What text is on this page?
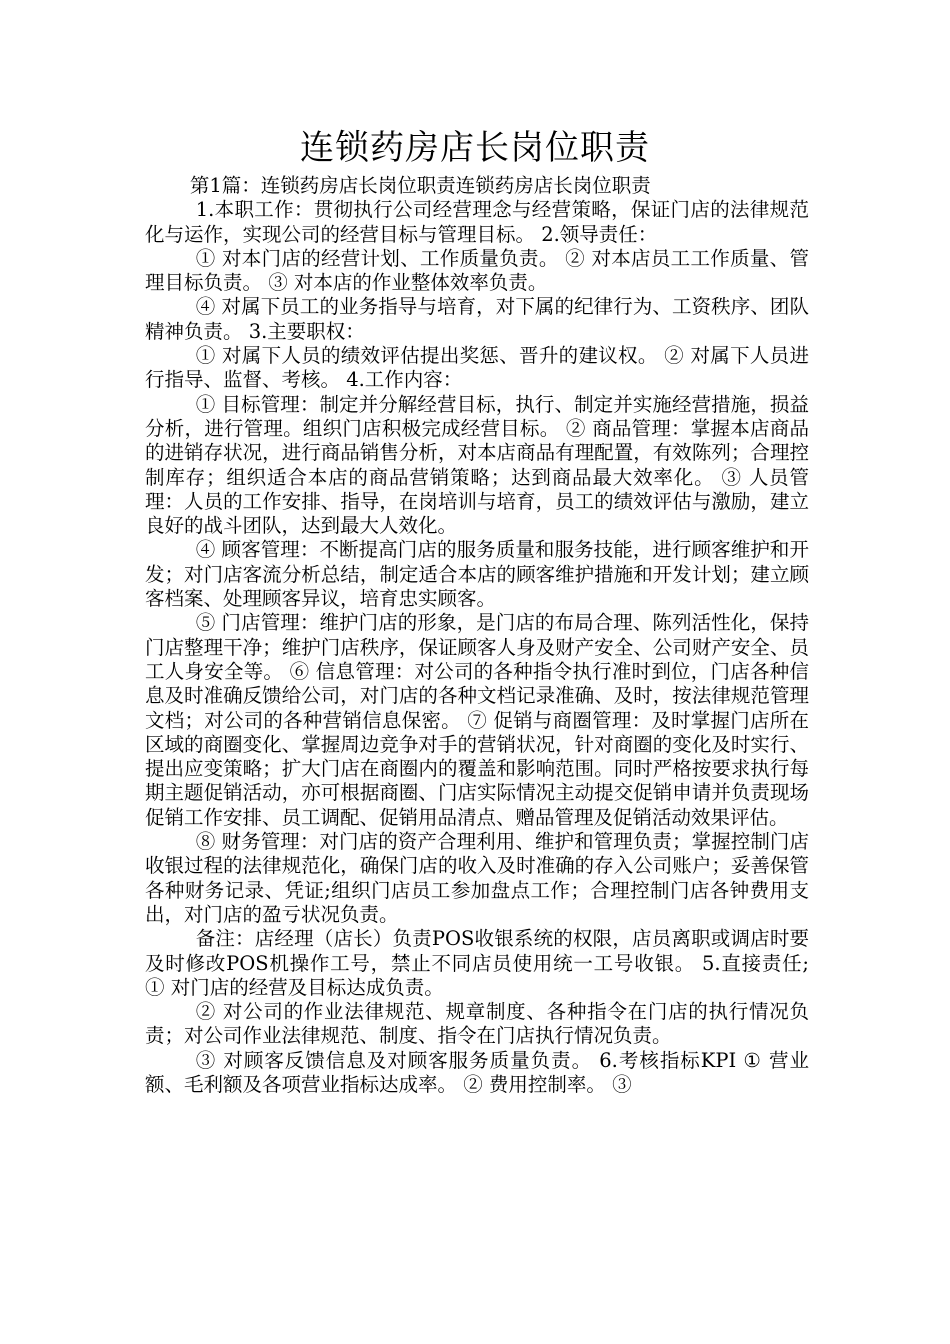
连锁药房店长岗位职责

第1篇：连锁药房店长岗位职责连锁药房店长岗位职责

1.本职工作：贯彻执行公司经营理念与经营策略，保证门店的法律规范化与运作，实现公司的经营目标与管理目标。 2.领导责任：

① 对本门店的经营计划、工作质量负责。 ② 对本店员工工作质量、管理目标负责。 ③ 对本店的作业整体效率负责。

④ 对属下员工的业务指导与培育，对下属的纪律行为、工资秩序、团队精神负责。 3.主要职权：

① 对属下人员的绩效评估提出奖惩、晋升的建议权。 ② 对属下人员进行指导、监督、考核。 4.工作内容：

① 目标管理：制定并分解经营目标，执行、制定并实施经营措施，损益分析，进行管理。组织门店积极完成经营目标。 ② 商品管理：掌握本店商品的进销存状况，进行商品销售分析，对本店商品有理配置，有效陈列；合理控制库存；组织适合本店的商品营销策略；达到商品最大效率化。 ③ 人员管理：人员的工作安排、指导，在岗培训与培育，员工的绩效评估与激励，建立良好的战斗团队，达到最大人效化。

④ 顾客管理：不断提高门店的服务质量和服务技能，进行顾客维护和开发；对门店客流分析总结，制定适合本店的顾客维护措施和开发计划；建立顾客档案、处理顾客异议，培育忠实顾客。

⑤ 门店管理：维护门店的形象，是门店的布局合理、陈列活性化，保持门店整理干净；维护门店秩序，保证顾客人身及财产安全、公司财产安全、员工人身安全等。 ⑥ 信息管理：对公司的各种指令执行准时到位，门店各种信息及时准确反馈给公司，对门店的各种文档记录准确、及时，按法律规范管理文档；对公司的各种营销信息保密。 ⑦ 促销与商圈管理：及时掌握门店所在区域的商圈变化、掌握周边竞争对手的营销状况，针对商圈的变化及时实行、提出应变策略；扩大门店在商圈内的覆盖和影响范围。同时严格按要求执行每期主题促销活动，亦可根据商圈、门店实际情况主动提交促销申请并负责现场促销工作安排、员工调配、促销用品清点、赠品管理及促销活动效果评估。

⑧ 财务管理：对门店的资产合理利用、维护和管理负责；掌握控制门店收银过程的法律规范化，确保门店的收入及时准确的存入公司账户；妥善保管各种财务记录、凭证;组织门店员工参加盘点工作；合理控制门店各钟费用支出，对门店的盈亏状况负责。

备注：店经理（店长）负责POS收银系统的权限，店员离职或调店时要及时修改POS机操作工号，禁止不同店员使用统一工号收银。 5.直接责任; ① 对门店的经营及目标达成负责。

② 对公司的作业法律规范、规章制度、各种指令在门店的执行情况负责；对公司作业法律规范、制度、指令在门店执行情况负责。

③ 对顾客反馈信息及对顾客服务质量负责。 6.考核指标KPI ① 营业额、毛利额及各项营业指标达成率。 ② 费用控制率。 ③
